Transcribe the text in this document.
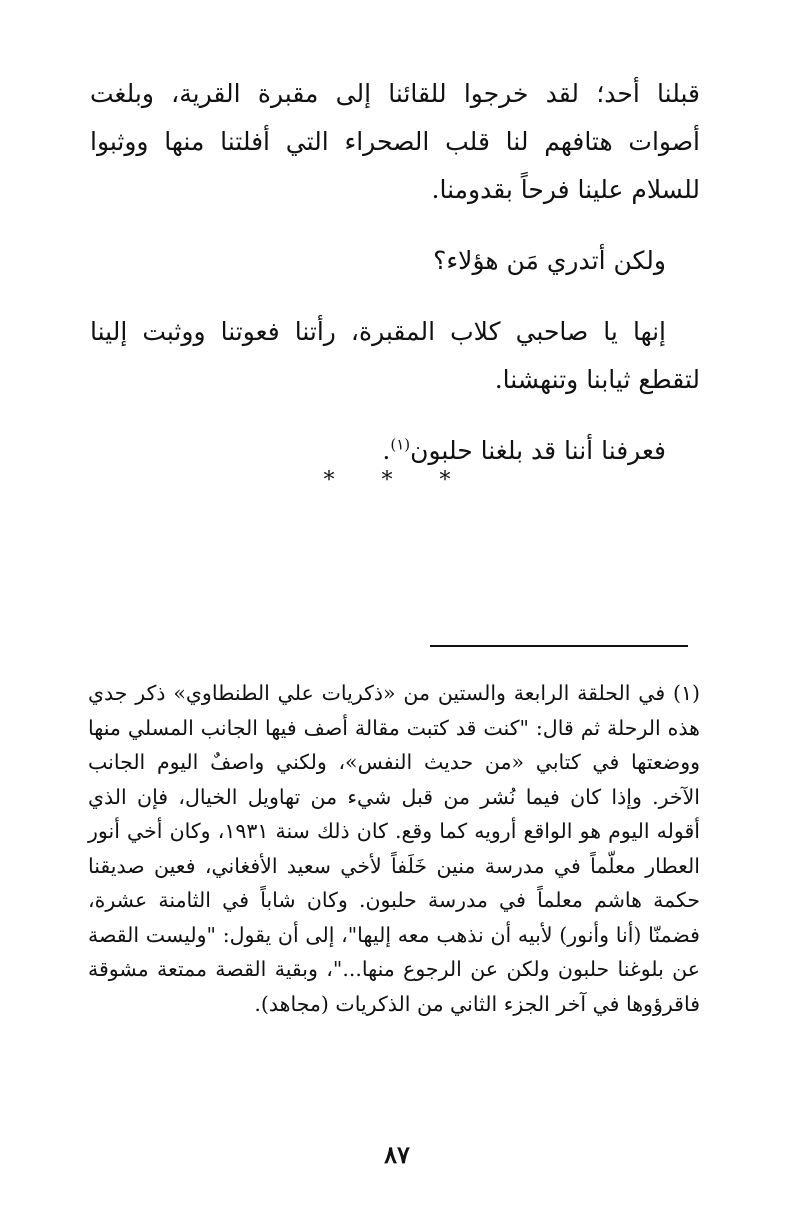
قبلنا أحد؛ لقد خرجوا للقائنا إلى مقبرة القرية، وبلغت أصوات هتافهم لنا قلب الصحراء التي أفلتنا منها ووثبوا للسلام علينا فرحاً بقدومنا.

ولكن أتدري مَن هؤلاء؟

إنها يا صاحبي كلاب المقبرة، رأتنا فعوتنا ووثبت إلينا لتقطع ثيابنا وتنهشنا.

فعرفنا أننا قد بلغنا حلبون$^{(١)}$.

* * *

(١) في الحلقة الرابعة والستين من «ذكريات علي الطنطاوي» ذكر جدي هذه الرحلة ثم قال: "كنت قد كتبت مقالة أصف فيها الجانب المسلي منها ووضعتها في كتابي «من حديث النفس»، ولكني واصفٌ اليوم الجانب الآخر. وإذا كان فيما نُشر من قبل شيء من تهاويل الخيال، فإن الذي أقوله اليوم هو الواقع أرويه كما وقع. كان ذلك سنة ١٩٣١، وكان أخي أنور العطار معلّماً في مدرسة منين خَلَفاً لأخي سعيد الأفغاني، فعين صديقنا حكمة هاشم معلماً في مدرسة حلبون. وكان شاباً في الثامنة عشرة، فضمنّا (أنا وأنور) لأبيه أن نذهب معه إليها"، إلى أن يقول: "وليست القصة عن بلوغنا حلبون ولكن عن الرجوع منها..."، وبقية القصة ممتعة مشوقة فاقرؤوها في آخر الجزء الثاني من الذكريات (مجاهد).

٨٧
